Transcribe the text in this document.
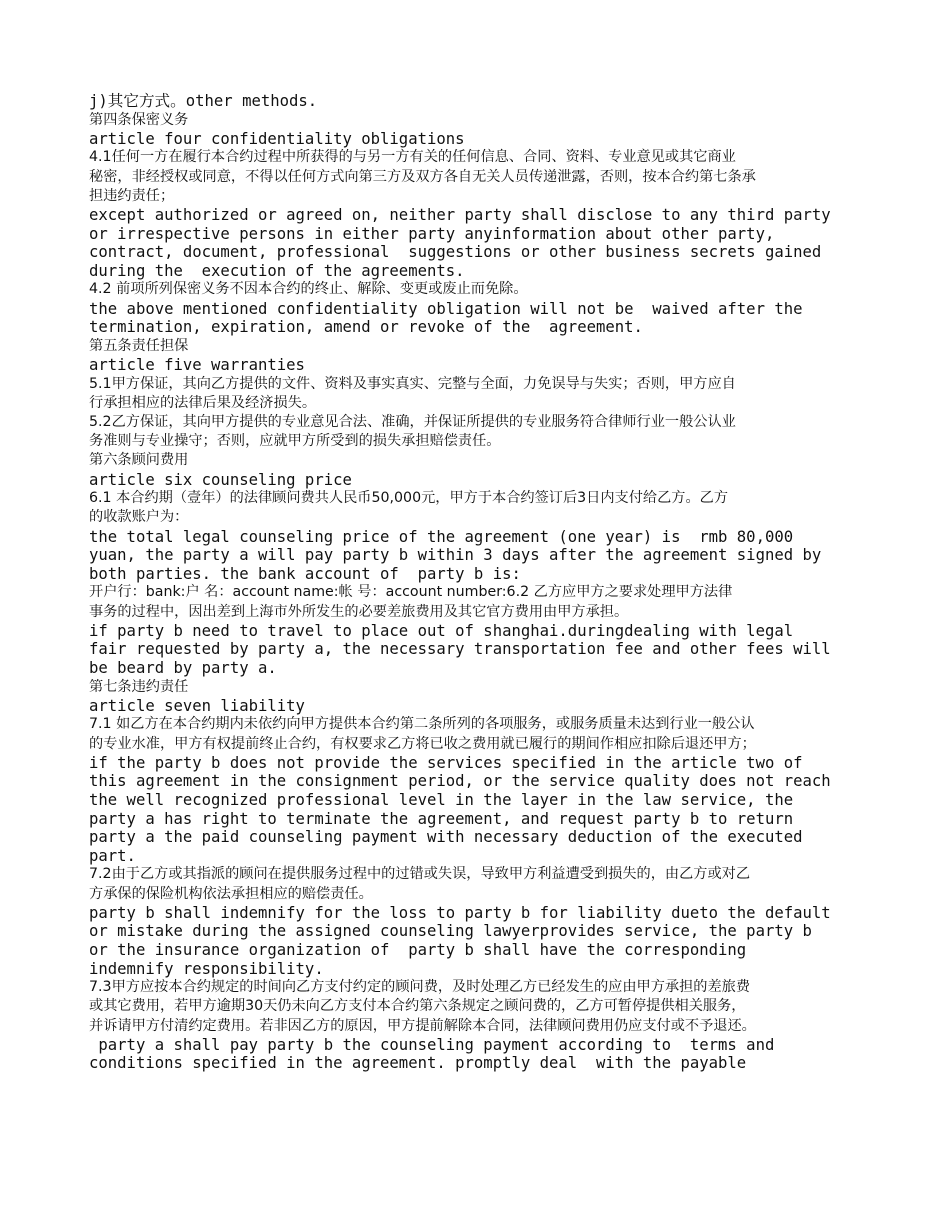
j)其它方式。other methods.
第四条保密义务
article four confidentiality obligations
4.1任何一方在履行本合约过程中所获得的与另一方有关的任何信息、合同、资料、专业意见或其它商业
秘密，非经授权或同意，不得以任何方式向第三方及双方各自无关人员传递泄露，否则，按本合约第七条承
担违约责任；
except authorized or agreed on, neither party shall disclose to any third party
or irrespective persons in either party anyinformation about other party,
contract, document, professional  suggestions or other business secrets gained
during the  execution of the agreements.
4.2 前项所列保密义务不因本合约的终止、解除、变更或废止而免除。
the above mentioned confidentiality obligation will not be  waived after the
termination, expiration, amend or revoke of the  agreement.
第五条责任担保
article five warranties
5.1甲方保证，其向乙方提供的文件、资料及事实真实、完整与全面，力免误导与失实；否则，甲方应自
行承担相应的法律后果及经济损失。
5.2乙方保证，其向甲方提供的专业意见合法、准确，并保证所提供的专业服务符合律师行业一般公认业
务准则与专业操守；否则，应就甲方所受到的损失承担赔偿责任。
第六条顾问费用
article six counseling price
6.1 本合约期（壹年）的法律顾问费共人民币50,000元，甲方于本合约签订后3日内支付给乙方。乙方
的收款账户为：
the total legal counseling price of the agreement (one year) is  rmb 80,000
yuan, the party a will pay party b within 3 days after the agreement signed by
both parties. the bank account of  party b is:
开户行：bank:户 名：account name:帐 号：account number:6.2 乙方应甲方之要求处理甲方法律
事务的过程中，因出差到上海市外所发生的必要差旅费用及其它官方费用由甲方承担。
if party b need to travel to place out of shanghai.duringdealing with legal
fair requested by party a, the necessary transportation fee and other fees will
be beard by party a.
第七条违约责任
article seven liability
7.1 如乙方在本合约期内未依约向甲方提供本合约第二条所列的各项服务，或服务质量未达到行业一般公认
的专业水准，甲方有权提前终止合约，有权要求乙方将已收之费用就已履行的期间作相应扣除后退还甲方；
if the party b does not provide the services specified in the article two of
this agreement in the consignment period, or the service quality does not reach
the well recognized professional level in the layer in the law service, the
party a has right to terminate the agreement, and request party b to return
party a the paid counseling payment with necessary deduction of the executed
part.
7.2由于乙方或其指派的顾问在提供服务过程中的过错或失误，导致甲方利益遭受到损失的，由乙方或对乙
方承保的保险机构依法承担相应的赔偿责任。
party b shall indemnify for the loss to party b for liability dueto the default
or mistake during the assigned counseling lawyerprovides service, the party b
or the insurance organization of  party b shall have the corresponding
indemnify responsibility.
7.3甲方应按本合约规定的时间向乙方支付约定的顾问费，及时处理乙方已经发生的应由甲方承担的差旅费
或其它费用，若甲方逾期30天仍未向乙方支付本合约第六条规定之顾问费的，乙方可暂停提供相关服务，
并诉请甲方付清约定费用。若非因乙方的原因，甲方提前解除本合同，法律顾问费用仍应支付或不予退还。
party a shall pay party b the counseling payment according to  terms and
conditions specified in the agreement. promptly deal  with the payable
